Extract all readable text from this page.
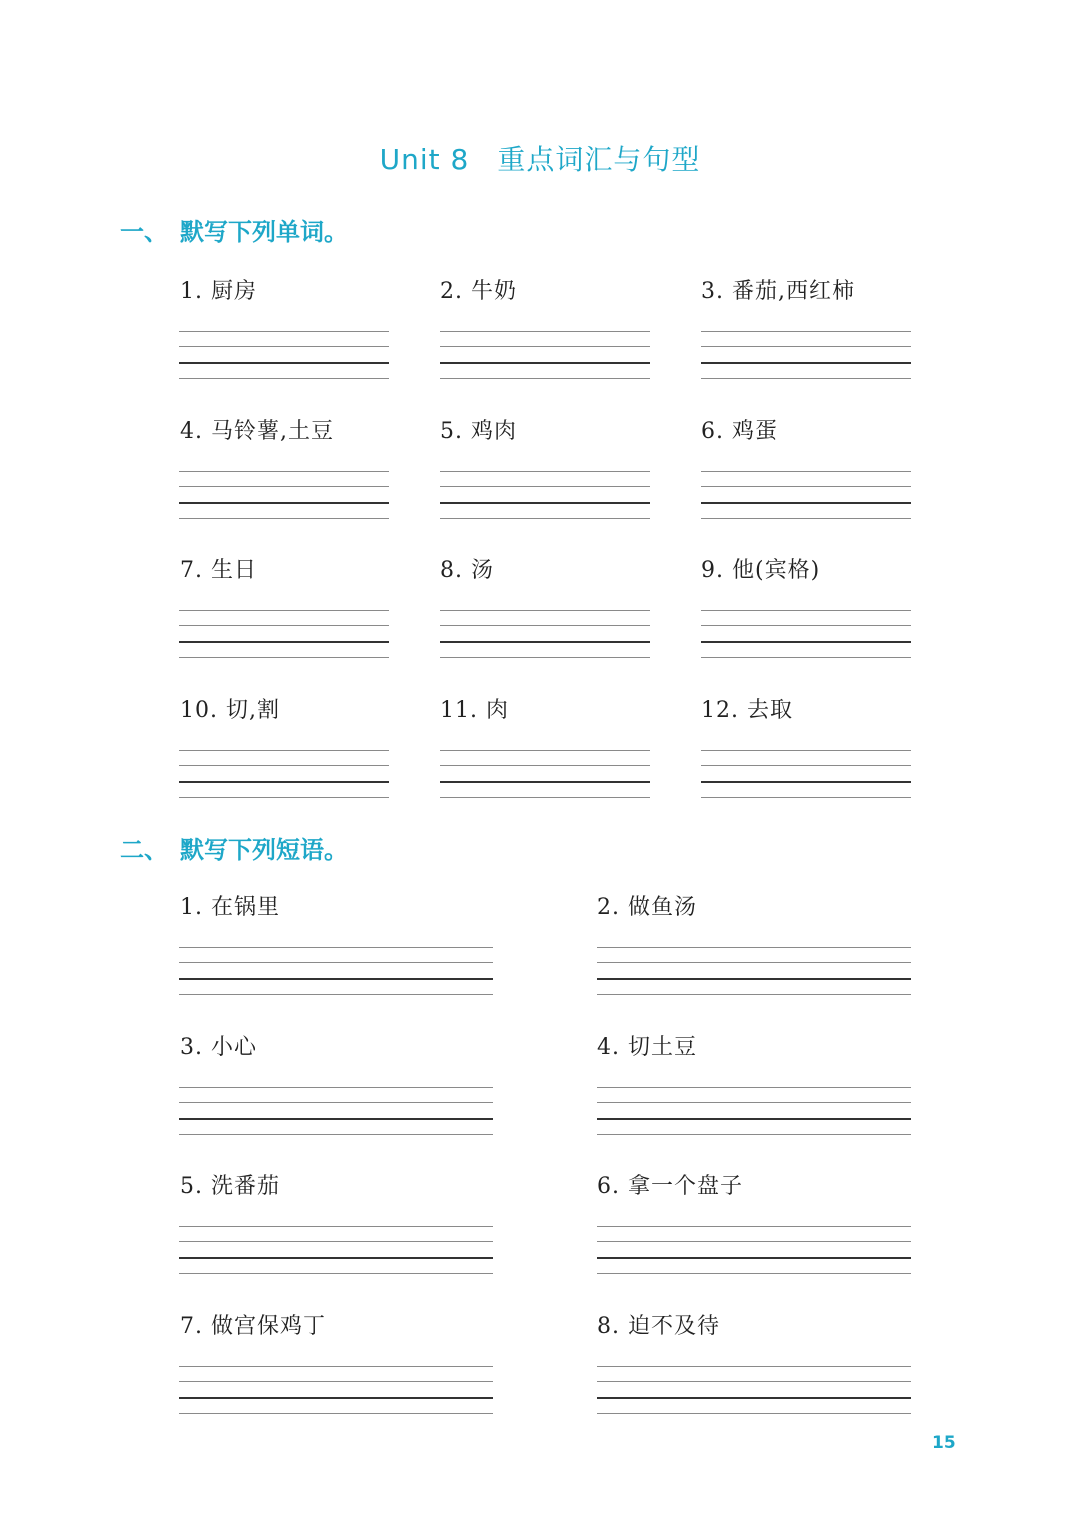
Unit 8 重点词汇与句型
一、 默写下列单词。
1. 厨房	2. 牛奶	3. 番茄,西红柿
4. 马铃薯,土豆	5. 鸡肉	6. 鸡蛋
7. 生日	8. 汤	9. 他(宾格)
10. 切,割	11. 肉	12. 去取
二、 默写下列短语。
1. 在锅里	2. 做鱼汤
3. 小心	4. 切土豆
5. 洗番茄	6. 拿一个盘子
7. 做宫保鸡丁	8. 迫不及待
15
